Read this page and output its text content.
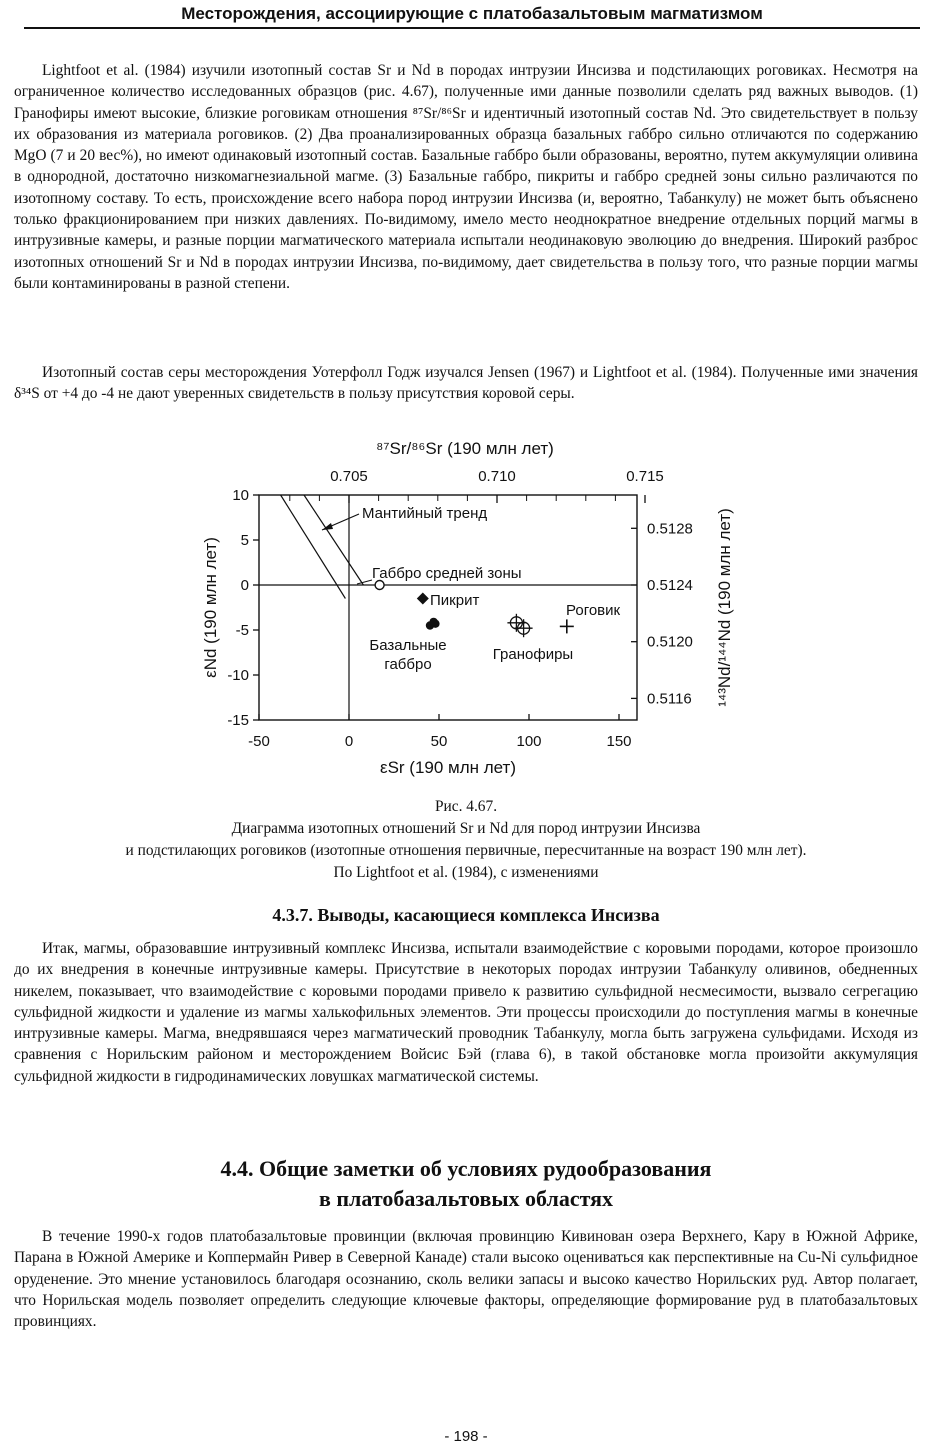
Месторождения, ассоциирующие с платобазальтовым магматизмом

Lightfoot et al. (1984) изучили изотопный состав Sr и Nd в породах интрузии Инсизва и подстилающих роговиках. Несмотря на ограниченное количество исследованных образцов (рис. 4.67), полученные ими данные позволили сделать ряд важных выводов. (1) Гранофиры имеют высокие, близкие роговикам отношения ⁸⁷Sr/⁸⁶Sr и идентичный изотопный состав Nd. Это свидетельствует в пользу их образования из материала роговиков. (2) Два проанализированных образца базальных габбро сильно отличаются по содержанию MgO (7 и 20 вес%), но имеют одинаковый изотопный состав. Базальные габбро были образованы, вероятно, путем аккумуляции оливина в однородной, достаточно низкомагнезиальной магме. (3) Базальные габбро, пикриты и габбро средней зоны сильно различаются по изотопному составу. То есть, происхождение всего набора пород интрузии Инсизва (и, вероятно, Табанкулу) не может быть объяснено только фракционированием при низких давлениях. По-видимому, имело место неоднократное внедрение отдельных порций магмы в интрузивные камеры, и разные порции магматического материала испытали неодинаковую эволюцию до внедрения. Широкий разброс изотопных отношений Sr и Nd в породах интрузии Инсизва, по-видимому, дает свидетельства в пользу того, что разные порции магмы были контаминированы в разной степени.

Изотопный состав серы месторождения Уотерфолл Годж изучался Jensen (1967) и Lightfoot et al. (1984). Полученные ими значения δ³⁴S от +4 до -4 не дают уверенных свидетельств в пользу присутствия коровой серы.

-50	0	50	100	150
10
5
0
-5
-10
-15
0.705	0.710	0.715
0.5128
0.5124
0.5120
0.5116
⁸⁷Sr/⁸⁶Sr (190 млн лет)
εSr (190 млн лет)
εNd (190 млн лет)	¹⁴³Nd/¹⁴⁴Nd (190 млн лет)
Мантийный тренд
Габбро средней зоны
Пикрит
Роговик
Базальные
габбро
Гранофиры
Рис. 4.67.
Диаграмма изотопных отношений Sr и Nd для пород интрузии Инсизва
и подстилающих роговиков (изотопные отношения первичные, пересчитанные на возраст 190 млн лет).
По Lightfoot et al. (1984), с изменениями
4.3.7. Выводы, касающиеся комплекса Инсизва

Итак, магмы, образовавшие интрузивный комплекс Инсизва, испытали взаимодействие с коровыми породами, которое произошло до их внедрения в конечные интрузивные камеры. Присутствие в некоторых породах интрузии Табанкулу оливинов, обедненных никелем, показывает, что взаимодействие с коровыми породами привело к развитию сульфидной несмесимости, вызвало сегрегацию сульфидной жидкости и удаление из магмы халькофильных элементов. Эти процессы происходили до поступления магмы в конечные интрузивные камеры. Магма, внедрявшаяся через магматический проводник Табанкулу, могла быть загружена сульфидами. Исходя из сравнения с Норильским районом и месторождением Войсис Бэй (глава 6), в такой обстановке могла произойти аккумуляция сульфидной жидкости в гидродинамических ловушках магматической системы.

4.4. Общие заметки об условиях рудообразования
в платобазальтовых областях

В течение 1990-х годов платобазальтовые провинции (включая провинцию Кивинован озера Верхнего, Кару в Южной Африке, Парана в Южной Америке и Коппермайн Ривер в Северной Канаде) стали высоко оцениваться как перспективные на Cu-Ni сульфидное оруденение. Это мнение установилось благодаря осознанию, сколь велики запасы и высоко качество Норильских руд. Автор полагает, что Норильская модель позволяет определить следующие ключевые факторы, определяющие формирование руд в платобазальтовых провинциях.

- 198 -
